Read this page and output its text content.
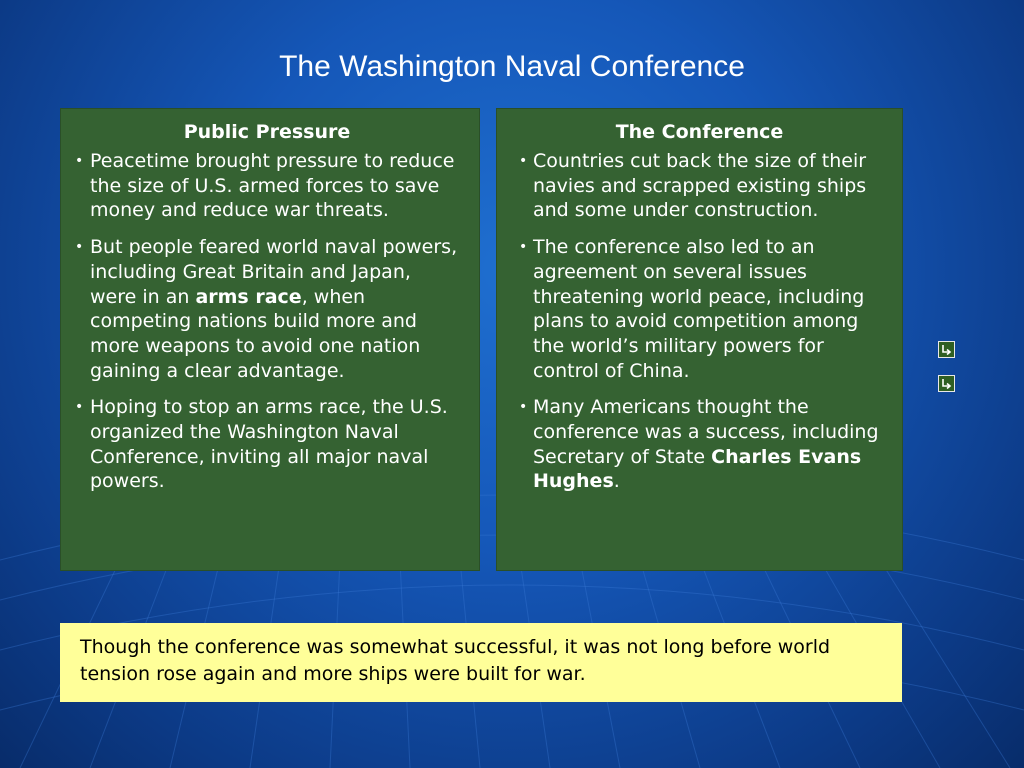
The Washington Naval Conference
Public Pressure
• Peacetime brought pressure to reduce the size of U.S. armed forces to save money and reduce war threats.
• But people feared world naval powers, including Great Britain and Japan, were in an arms race, when competing nations build more and more weapons to avoid one nation gaining a clear advantage.
• Hoping to stop an arms race, the U.S. organized the Washington Naval Conference, inviting all major naval powers.
The Conference
• Countries cut back the size of their navies and scrapped existing ships and some under construction.
• The conference also led to an agreement on several issues threatening world peace, including plans to avoid competition among the world’s military powers for control of China.
• Many Americans thought the conference was a success, including Secretary of State Charles Evans Hughes.
Though the conference was somewhat successful, it was not long before world tension rose again and more ships were built for war.
